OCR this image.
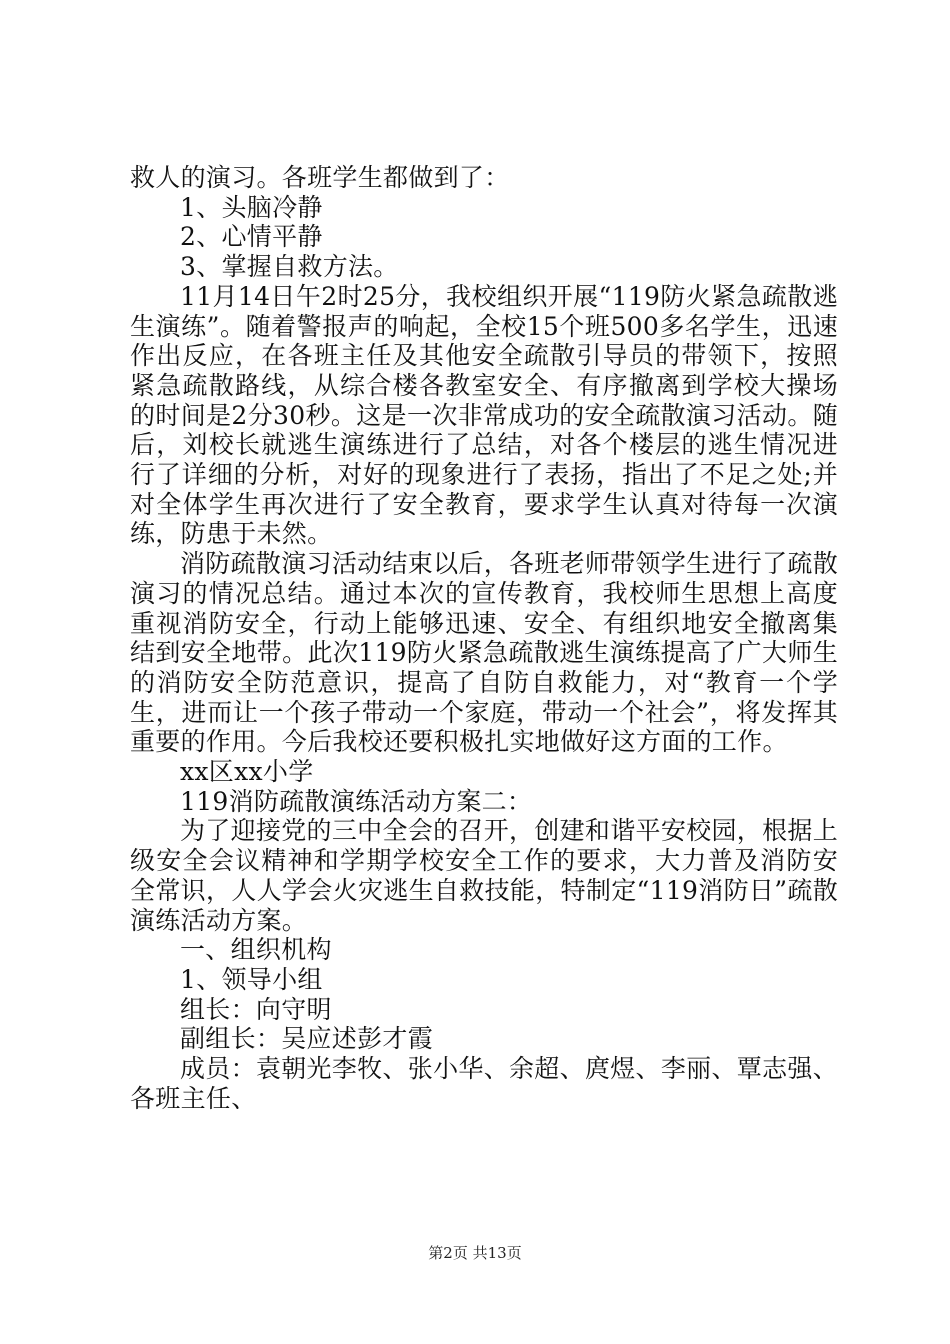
救人的演习。各班学生都做到了：

1、头脑冷静

2、心情平静

3、掌握自救方法。

11月14日午2时25分，我校组织开展“119防火紧急疏散逃生演练”。随着警报声的响起，全校15个班500多名学生，迅速作出反应，在各班主任及其他安全疏散引导员的带领下，按照紧急疏散路线，从综合楼各教室安全、有序撤离到学校大操场的时间是2分30秒。这是一次非常成功的安全疏散演习活动。随后，刘校长就逃生演练进行了总结，对各个楼层的逃生情况进行了详细的分析，对好的现象进行了表扬，指出了不足之处;并对全体学生再次进行了安全教育，要求学生认真对待每一次演练，防患于未然。

消防疏散演习活动结束以后，各班老师带领学生进行了疏散演习的情况总结。通过本次的宣传教育，我校师生思想上高度重视消防安全，行动上能够迅速、安全、有组织地安全撤离集结到安全地带。此次119防火紧急疏散逃生演练提高了广大师生的消防安全防范意识，提高了自防自救能力，对“教育一个学生，进而让一个孩子带动一个家庭，带动一个社会”，将发挥其重要的作用。今后我校还要积极扎实地做好这方面的工作。

xx区xx小学

119消防疏散演练活动方案二：

为了迎接党的三中全会的召开，创建和谐平安校园，根据上级安全会议精神和学期学校安全工作的要求，大力普及消防安全常识，人人学会火灾逃生自救技能，特制定“119消防日”疏散演练活动方案。

一、组织机构

1、领导小组

组长：向守明

副组长：吴应述彭才霞

成员：袁朝光李牧、张小华、余超、庹煜、李丽、覃志强、各班主任、

第2页 共13页
